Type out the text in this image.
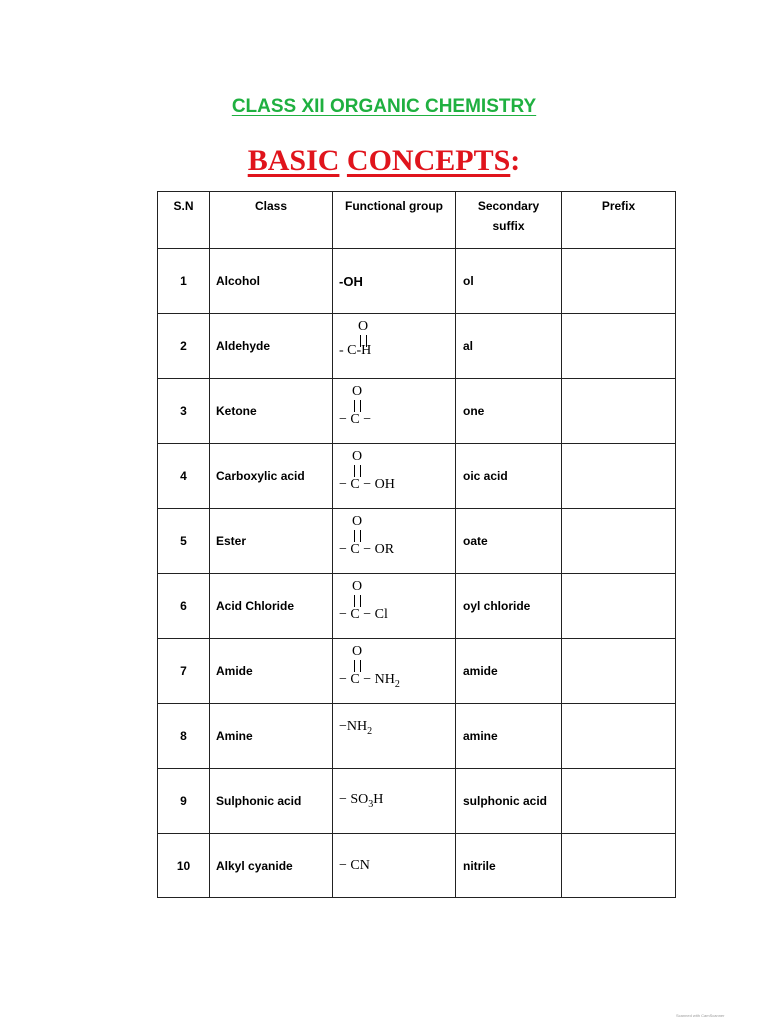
CLASS XII ORGANIC CHEMISTRY
BASIC CONCEPTS:
S.N	Class	Functional group	Secondary
suffix	Prefix
1	Alcohol	-OH	ol	
2	Aldehyde	O
- C-H	al	
3	Ketone	O
− C −	one	
4	Carboxylic acid	O
− C − OH	oic acid	
5	Ester	O
− C − OR	oate	
6	Acid Chloride	O
− C − Cl	oyl chloride	
7	Amide	O
− $C - NH_2$	amide	
8	Amine	$-NH_2$	amine	
9	Sulphonic acid	− $SO_3H$	sulphonic acid	
10	Alkyl cyanide	− CN	nitrile	
Scanned with CamScanner
